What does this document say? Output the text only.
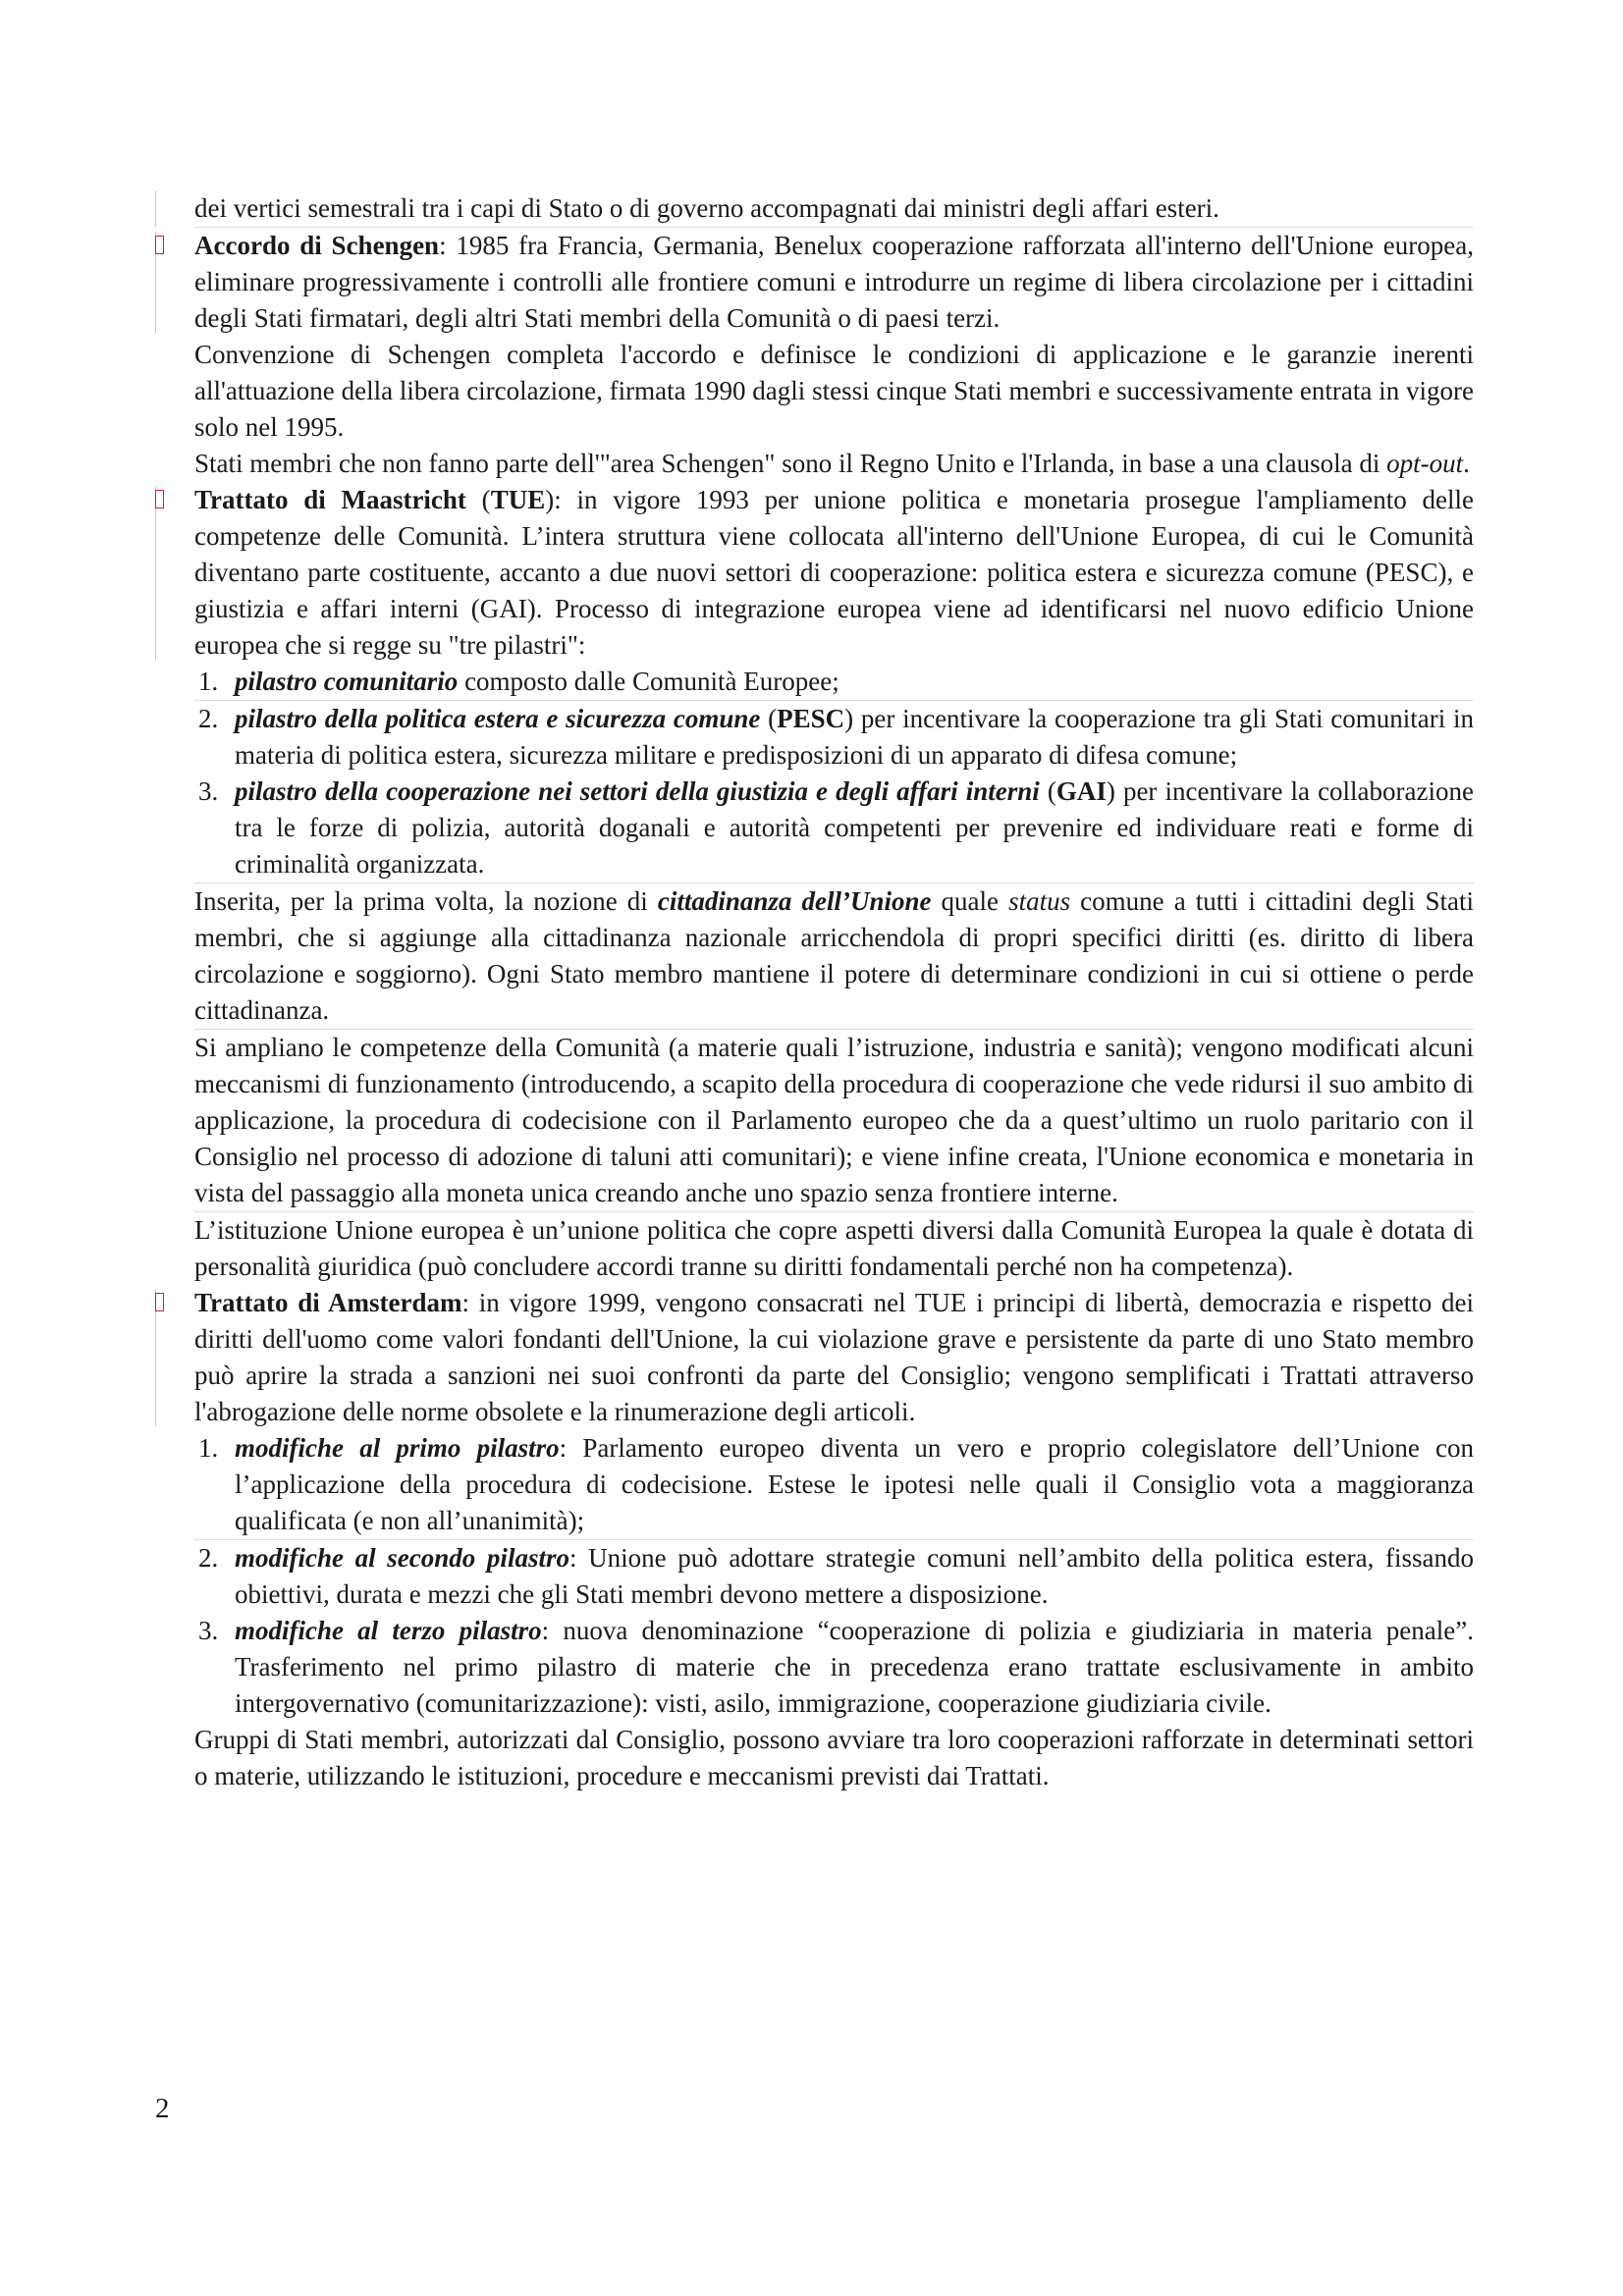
dei vertici semestrali tra i capi di Stato o di governo accompagnati dai ministri degli affari esteri.

Accordo di Schengen: 1985 fra Francia, Germania, Benelux cooperazione rafforzata all'interno dell'Unione europea, eliminare progressivamente i controlli alle frontiere comuni e introdurre un regime di libera circolazione per i cittadini degli Stati firmatari, degli altri Stati membri della Comunità o di paesi terzi.

Convenzione di Schengen completa l'accordo e definisce le condizioni di applicazione e le garanzie inerenti all'attuazione della libera circolazione, firmata 1990 dagli stessi cinque Stati membri e successivamente entrata in vigore solo nel 1995.

Stati membri che non fanno parte dell'"area Schengen" sono il Regno Unito e l'Irlanda, in base a una clausola di opt-out.

Trattato di Maastricht (TUE): in vigore 1993 per unione politica e monetaria prosegue l'ampliamento delle competenze delle Comunità. L’intera struttura viene collocata all'interno dell'Unione Europea, di cui le Comunità diventano parte costituente, accanto a due nuovi settori di cooperazione: politica estera e sicurezza comune (PESC), e giustizia e affari interni (GAI). Processo di integrazione europea viene ad identificarsi nel nuovo edificio Unione europea che si regge su "tre pilastri":

1. pilastro comunitario composto dalle Comunità Europee;
2. pilastro della politica estera e sicurezza comune (PESC) per incentivare la cooperazione tra gli Stati comunitari in materia di politica estera, sicurezza militare e predisposizioni di un apparato di difesa comune;
3. pilastro della cooperazione nei settori della giustizia e degli affari interni (GAI) per incentivare la collaborazione tra le forze di polizia, autorità doganali e autorità competenti per prevenire ed individuare reati e forme di criminalità organizzata.

Inserita, per la prima volta, la nozione di cittadinanza dell’Unione quale status comune a tutti i cittadini degli Stati membri, che si aggiunge alla cittadinanza nazionale arricchendola di propri specifici diritti (es. diritto di libera circolazione e soggiorno). Ogni Stato membro mantiene il potere di determinare condizioni in cui si ottiene o perde cittadinanza.

Si ampliano le competenze della Comunità (a materie quali l’istruzione, industria e sanità); vengono modificati alcuni meccanismi di funzionamento (introducendo, a scapito della procedura di cooperazione che vede ridursi il suo ambito di applicazione, la procedura di codecisione con il Parlamento europeo che da a quest’ultimo un ruolo paritario con il Consiglio nel processo di adozione di taluni atti comunitari); e viene infine creata, l'Unione economica e monetaria in vista del passaggio alla moneta unica creando anche uno spazio senza frontiere interne.

L’istituzione Unione europea è un’unione politica che copre aspetti diversi dalla Comunità Europea la quale è dotata di personalità giuridica (può concludere accordi tranne su diritti fondamentali perché non ha competenza).

Trattato di Amsterdam: in vigore 1999, vengono consacrati nel TUE i principi di libertà, democrazia e rispetto dei diritti dell'uomo come valori fondanti dell'Unione, la cui violazione grave e persistente da parte di uno Stato membro può aprire la strada a sanzioni nei suoi confronti da parte del Consiglio; vengono semplificati i Trattati attraverso l'abrogazione delle norme obsolete e la rinumerazione degli articoli.

1. modifiche al primo pilastro: Parlamento europeo diventa un vero e proprio colegislatore dell’Unione con l’applicazione della procedura di codecisione. Estese le ipotesi nelle quali il Consiglio vota a maggioranza qualificata (e non all’unanimità);
2. modifiche al secondo pilastro: Unione può adottare strategie comuni nell’ambito della politica estera, fissando obiettivi, durata e mezzi che gli Stati membri devono mettere a disposizione.
3. modifiche al terzo pilastro: nuova denominazione “cooperazione di polizia e giudiziaria in materia penale”. Trasferimento nel primo pilastro di materie che in precedenza erano trattate esclusivamente in ambito intergovernativo (comunitarizzazione): visti, asilo, immigrazione, cooperazione giudiziaria civile.

Gruppi di Stati membri, autorizzati dal Consiglio, possono avviare tra loro cooperazioni rafforzate in determinati settori o materie, utilizzando le istituzioni, procedure e meccanismi previsti dai Trattati.

2
